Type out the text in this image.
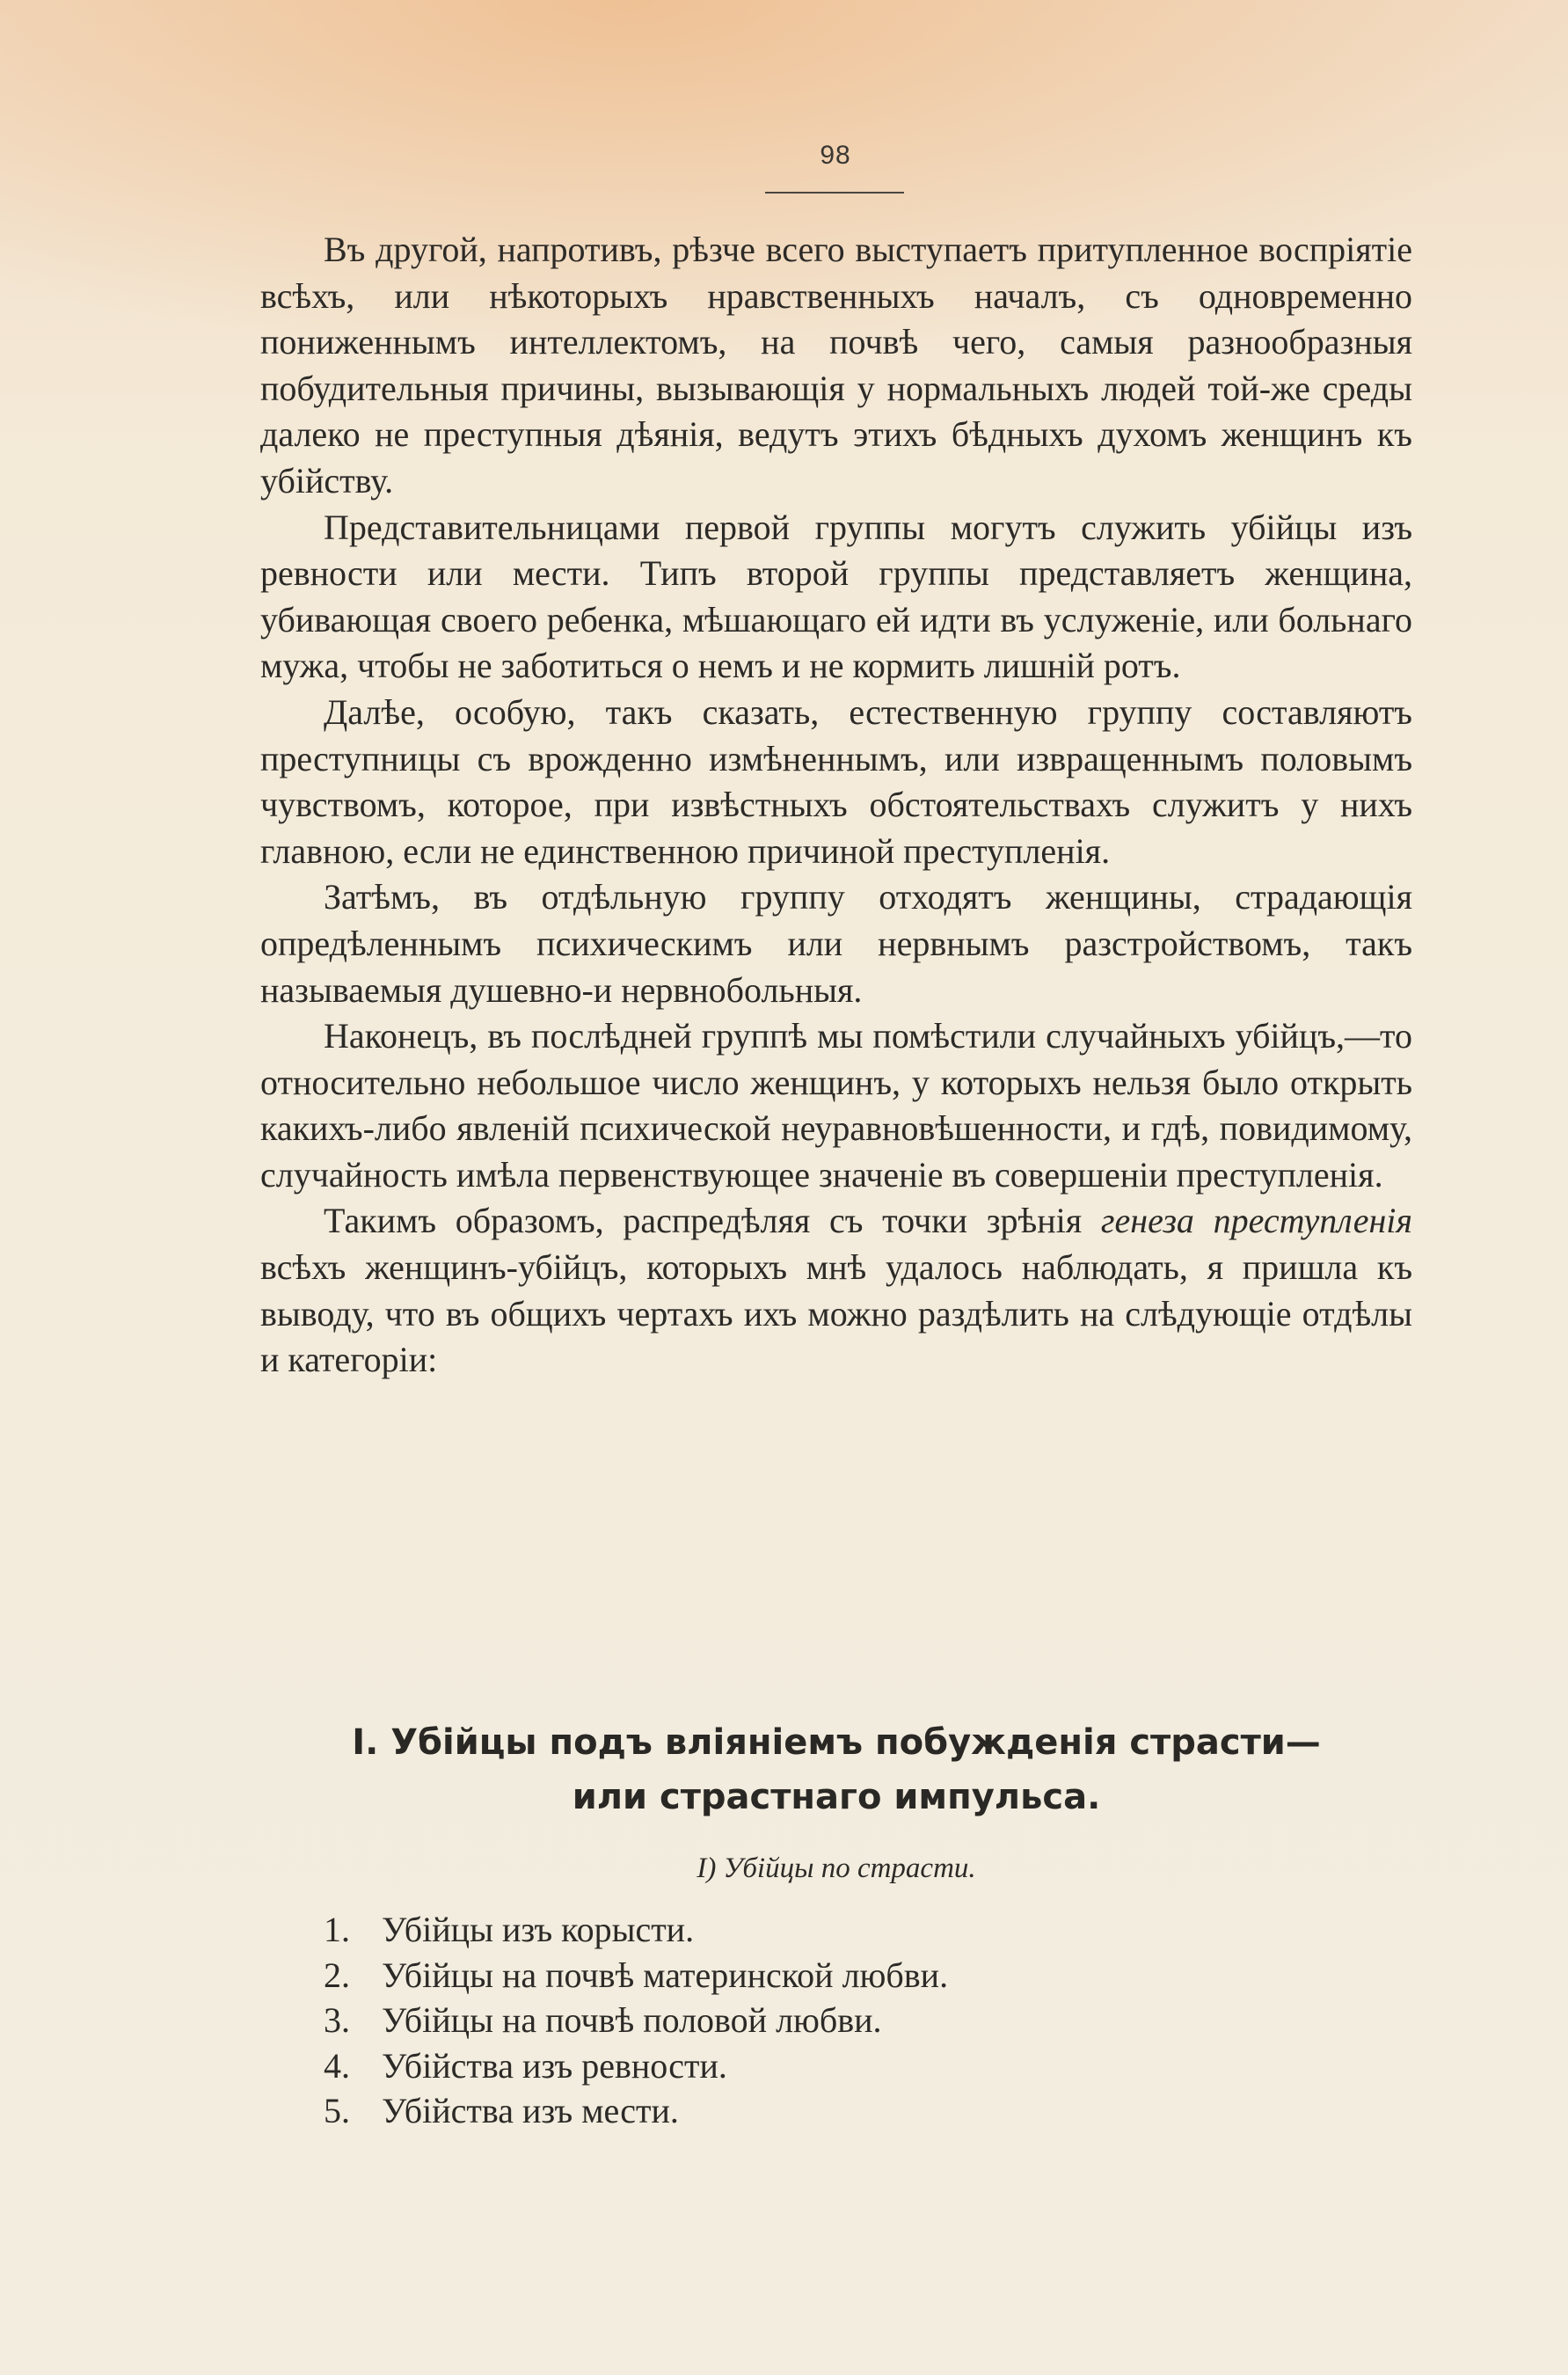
98

Въ другой, напротивъ, рѣзче всего выступаетъ притупленное воспріятіе всѣхъ, или нѣкоторыхъ нравственныхъ началъ, съ одновременно пониженнымъ интеллектомъ, на почвѣ чего, самыя разнообразныя побудительныя причины, вызывающія у нормальныхъ людей той-же среды далеко не преступныя дѣянія, ведутъ этихъ бѣдныхъ духомъ женщинъ къ убійству.

Представительницами первой группы могутъ служить убійцы изъ ревности или мести. Типъ второй группы представляетъ женщина, убивающая своего ребенка, мѣшающаго ей идти въ услуженіе, или больнаго мужа, чтобы не заботиться о немъ и не кормить лишній ротъ.

Далѣе, особую, такъ сказать, естественную группу составляютъ преступницы съ врожденно измѣненнымъ, или извращеннымъ половымъ чувствомъ, которое, при извѣстныхъ обстоятельствахъ служитъ у нихъ главною, если не единственною причиной преступленія.

Затѣмъ, въ отдѣльную группу отходятъ женщины, страдающія опредѣленнымъ психическимъ или нервнымъ разстройствомъ, такъ называемыя душевно-и нервнобольныя.

Наконецъ, въ послѣдней группѣ мы помѣстили случайныхъ убійцъ,—то относительно небольшое число женщинъ, у которыхъ нельзя было открыть какихъ-либо явленій психической неуравновѣшенности, и гдѣ, повидимому, случайность имѣла первенствующее значеніе въ совершеніи преступленія.

Такимъ образомъ, распредѣляя съ точки зрѣнія генеза преступленія всѣхъ женщинъ-убійцъ, которыхъ мнѣ удалось наблюдать, я пришла къ выводу, что въ общихъ чертахъ ихъ можно раздѣлить на слѣдующіе отдѣлы и категоріи:

I. Убійцы подъ вліяніемъ побужденія страсти—
или страстнаго импульса.
I) Убійцы по страсти.
1. Убійцы изъ корысти.
2. Убійцы на почвѣ материнской любви.
3. Убійцы на почвѣ половой любви.
4. Убійства изъ ревности.
5. Убійства изъ мести.
